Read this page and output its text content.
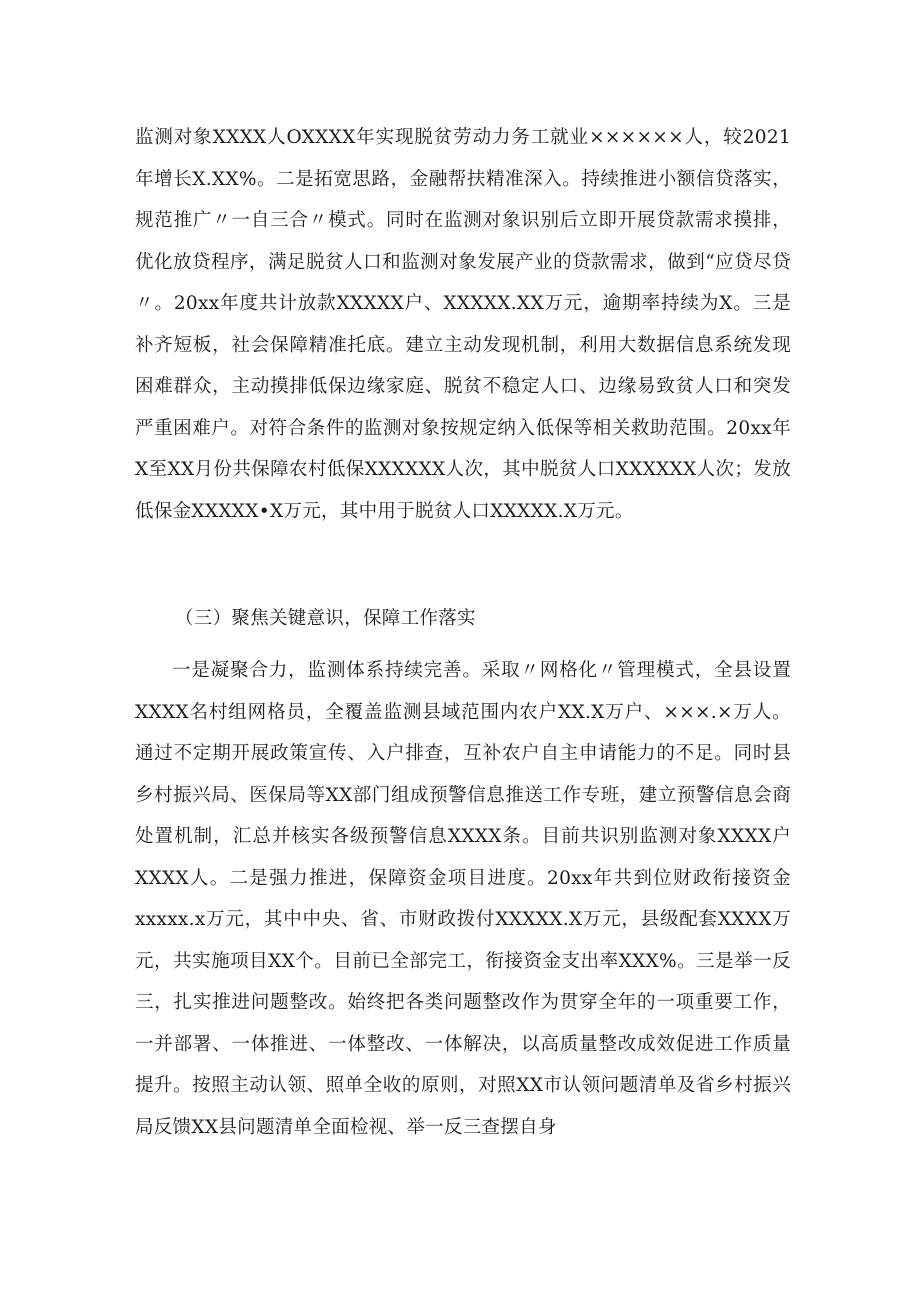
监测对象XXXX人OXXXX年实现脱贫劳动力务工就业××××××人，较2021年增长X.XX%。二是拓宽思路，金融帮扶精准深入。持续推进小额信贷落实，规范推广〃一自三合〃模式。同时在监测对象识别后立即开展贷款需求摸排，优化放贷程序，满足脱贫人口和监测对象发展产业的贷款需求，做到“应贷尽贷〃。20xx年度共计放款XXXXX户、XXXXX.XX万元，逾期率持续为X。三是补齐短板，社会保障精准托底。建立主动发现机制，利用大数据信息系统发现困难群众，主动摸排低保边缘家庭、脱贫不稳定人口、边缘易致贫人口和突发严重困难户。对符合条件的监测对象按规定纳入低保等相关救助范围。20xx年X至XX月份共保障农村低保XXXXXX人次，其中脱贫人口XXXXXX人次；发放低保金XXXXX•X万元，其中用于脱贫人口XXXXX.X万元。

（三）聚焦关键意识，保障工作落实

一是凝聚合力，监测体系持续完善。采取〃网格化〃管理模式，全县设置XXXX名村组网格员，全覆盖监测县域范围内农户XX.X万户、×××.×万人。通过不定期开展政策宣传、入户排查，互补农户自主申请能力的不足。同时县乡村振兴局、医保局等XX部门组成预警信息推送工作专班，建立预警信息会商处置机制，汇总并核实各级预警信息XXXX条。目前共识别监测对象XXXX户XXXX人。二是强力推进，保障资金项目进度。20xx年共到位财政衔接资金xxxxx.x万元，其中中央、省、市财政拨付XXXXX.X万元，县级配套XXXX万元，共实施项目XX个。目前已全部完工，衔接资金支出率XXX%。三是举一反三，扎实推进问题整改。始终把各类问题整改作为贯穿全年的一项重要工作，一并部署、一体推进、一体整改、一体解决，以高质量整改成效促进工作质量提升。按照主动认领、照单全收的原则，对照XX市认领问题清单及省乡村振兴局反馈XX县问题清单全面检视、举一反三查摆自身
